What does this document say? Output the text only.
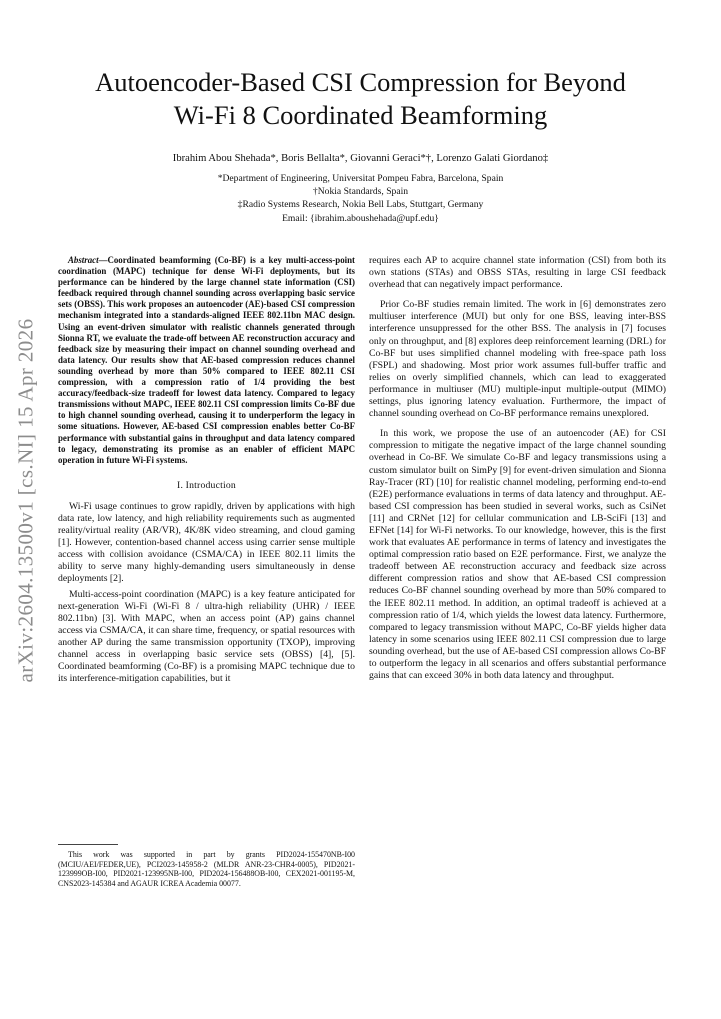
arXiv:2604.13500v1 [cs.NI] 15 Apr 2026
Autoencoder-Based CSI Compression for Beyond
Wi-Fi 8 Coordinated Beamforming
Ibrahim Abou Shehada*, Boris Bellalta*, Giovanni Geraci*†, Lorenzo Galati Giordano‡
*Department of Engineering, Universitat Pompeu Fabra, Barcelona, Spain
†Nokia Standards, Spain
‡Radio Systems Research, Nokia Bell Labs, Stuttgart, Germany
Email: {ibrahim.aboushehada@upf.edu}

Abstract—Coordinated beamforming (Co-BF) is a key multi-access-point coordination (MAPC) technique for dense Wi-Fi deployments, but its performance can be hindered by the large channel state information (CSI) feedback required through channel sounding across overlapping basic service sets (OBSS). This work proposes an autoencoder (AE)-based CSI compression mechanism integrated into a standards-aligned IEEE 802.11bn MAC design. Using an event-driven simulator with realistic channels generated through Sionna RT, we evaluate the trade-off between AE reconstruction accuracy and feedback size by measuring their impact on channel sounding overhead and data latency. Our results show that AE-based compression reduces channel sounding overhead by more than 50% compared to IEEE 802.11 CSI compression, with a compression ratio of 1/4 providing the best accuracy/feedback-size tradeoff for lowest data latency. Compared to legacy transmissions without MAPC, IEEE 802.11 CSI compression limits Co-BF due to high channel sounding overhead, causing it to underperform the legacy in some situations. However, AE-based CSI compression enables better Co-BF performance with substantial gains in throughput and data latency compared to legacy, demonstrating its promise as an enabler of efficient MAPC operation in future Wi-Fi systems.

I. Introduction

Wi-Fi usage continues to grow rapidly, driven by applications with high data rate, low latency, and high reliability requirements such as augmented reality/virtual reality (AR/VR), 4K/8K video streaming, and cloud gaming [1]. However, contention-based channel access using carrier sense multiple access with collision avoidance (CSMA/CA) in IEEE 802.11 limits the ability to serve many highly-demanding users simultaneously in dense deployments [2].

Multi-access-point coordination (MAPC) is a key feature anticipated for next-generation Wi-Fi (Wi-Fi 8 / ultra-high reliability (UHR) / IEEE 802.11bn) [3]. With MAPC, when an access point (AP) gains channel access via CSMA/CA, it can share time, frequency, or spatial resources with another AP during the same transmission opportunity (TXOP), improving channel access in overlapping basic service sets (OBSS) [4], [5]. Coordinated beamforming (Co-BF) is a promising MAPC technique due to its interference-mitigation capabilities, but it

This work was supported in part by grants PID2024-155470NB-I00 (MCIU/AEI/FEDER,UE), PCI2023-145958-2 (MLDR ANR-23-CHR4-0005), PID2021-123999OB-I00, PID2021-123995NB-I00, PID2024-156488OB-I00, CEX2021-001195-M, CNS2023-145384 and AGAUR ICREA Academia 00077.

requires each AP to acquire channel state information (CSI) from both its own stations (STAs) and OBSS STAs, resulting in large CSI feedback overhead that can negatively impact performance.

Prior Co-BF studies remain limited. The work in [6] demonstrates zero multiuser interference (MUI) but only for one BSS, leaving inter-BSS interference unsuppressed for the other BSS. The analysis in [7] focuses only on throughput, and [8] explores deep reinforcement learning (DRL) for Co-BF but uses simplified channel modeling with free-space path loss (FSPL) and shadowing. Most prior work assumes full-buffer traffic and relies on overly simplified channels, which can lead to exaggerated performance in multiuser (MU) multiple-input multiple-output (MIMO) settings, plus ignoring latency evaluation. Furthermore, the impact of channel sounding overhead on Co-BF performance remains unexplored.

In this work, we propose the use of an autoencoder (AE) for CSI compression to mitigate the negative impact of the large channel sounding overhead in Co-BF. We simulate Co-BF and legacy transmissions using a custom simulator built on SimPy [9] for event-driven simulation and Sionna Ray-Tracer (RT) [10] for realistic channel modeling, performing end-to-end (E2E) performance evaluations in terms of data latency and throughput. AE-based CSI compression has been studied in several works, such as CsiNet [11] and CRNet [12] for cellular communication and LB-SciFi [13] and EFNet [14] for Wi-Fi networks. To our knowledge, however, this is the first work that evaluates AE performance in terms of latency and investigates the optimal compression ratio based on E2E performance. First, we analyze the tradeoff between AE reconstruction accuracy and feedback size across different compression ratios and show that AE-based CSI compression reduces Co-BF channel sounding overhead by more than 50% compared to the IEEE 802.11 method. In addition, an optimal tradeoff is achieved at a compression ratio of 1/4, which yields the lowest data latency. Furthermore, compared to legacy transmission without MAPC, Co-BF yields higher data latency in some scenarios using IEEE 802.11 CSI compression due to large sounding overhead, but the use of AE-based CSI compression allows Co-BF to outperform the legacy in all scenarios and offers substantial performance gains that can exceed 30% in both data latency and throughput.
